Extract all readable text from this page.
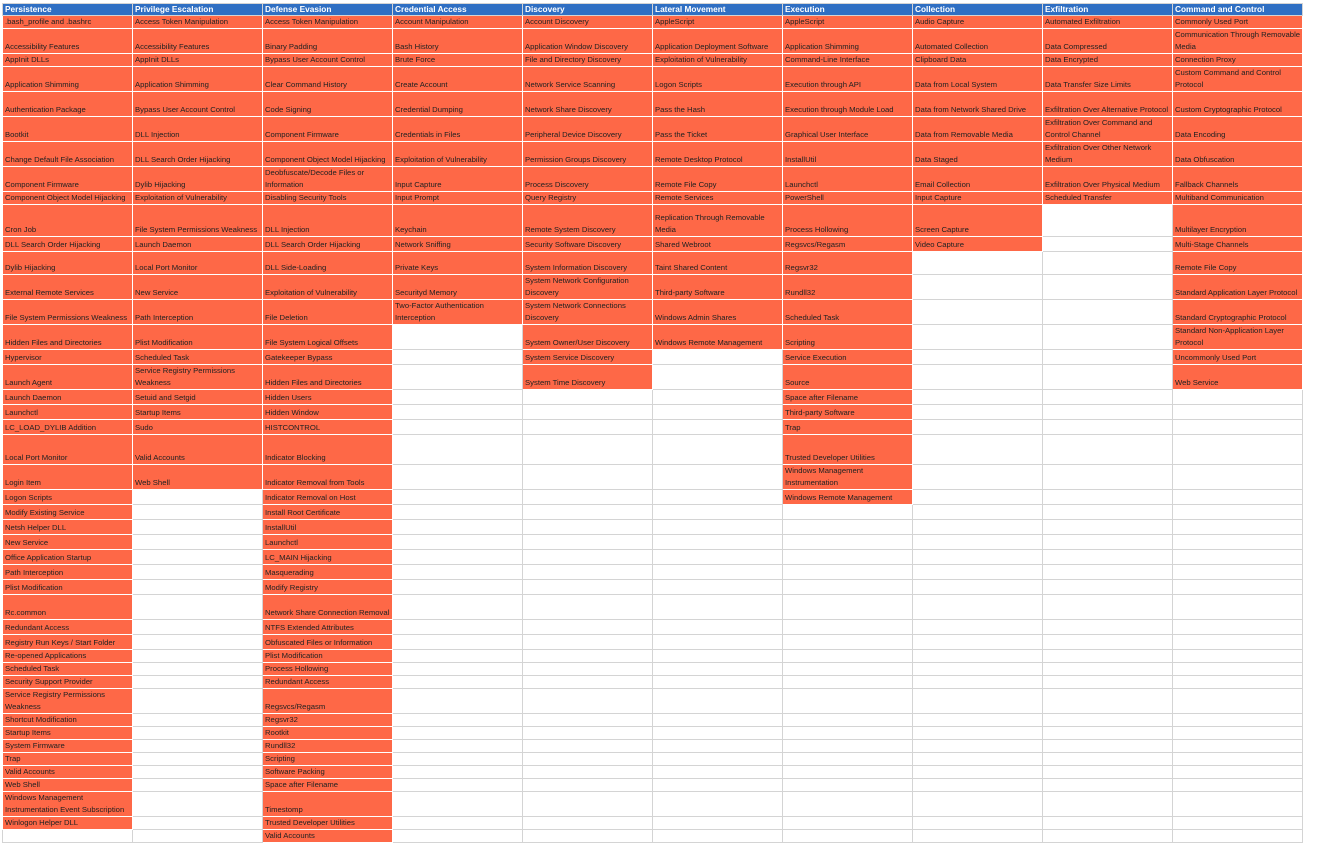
Persistence	Privilege Escalation	Defense Evasion	Credential Access	Discovery	Lateral Movement	Execution	Collection	Exfiltration	Command and Control

.bash_profile and .bashrc	Access Token Manipulation	Access Token Manipulation	Account Manipulation	Account Discovery	AppleScript	AppleScript	Audio Capture	Automated Exfiltration	Commonly Used Port

Accessibility Features	Accessibility Features	Binary Padding	Bash History	Application Window Discovery	Application Deployment Software	Application Shimming	Automated Collection	Data Compressed	Communication Through Removable Media

AppInit DLLs	AppInit DLLs	Bypass User Account Control	Brute Force	File and Directory Discovery	Exploitation of Vulnerability	Command-Line Interface	Clipboard Data	Data Encrypted	Connection Proxy

Application Shimming	Application Shimming	Clear Command History	Create Account	Network Service Scanning	Logon Scripts	Execution through API	Data from Local System	Data Transfer Size Limits	Custom Command and Control Protocol

Authentication Package	Bypass User Account Control	Code Signing	Credential Dumping	Network Share Discovery	Pass the Hash	Execution through Module Load	Data from Network Shared Drive	Exfiltration Over Alternative Protocol	Custom Cryptographic Protocol

Bootkit	DLL Injection	Component Firmware	Credentials in Files	Peripheral Device Discovery	Pass the Ticket	Graphical User Interface	Data from Removable Media	Exfiltration Over Command and Control Channel	Data Encoding

Change Default File Association	DLL Search Order Hijacking	Component Object Model Hijacking	Exploitation of Vulnerability	Permission Groups Discovery	Remote Desktop Protocol	InstallUtil	Data Staged	Exfiltration Over Other Network Medium	Data Obfuscation

Component Firmware	Dylib Hijacking	Deobfuscate/Decode Files or Information	Input Capture	Process Discovery	Remote File Copy	Launchctl	Email Collection	Exfiltration Over Physical Medium	Fallback Channels

Component Object Model Hijacking	Exploitation of Vulnerability	Disabling Security Tools	Input Prompt	Query Registry	Remote Services	PowerShell	Input Capture	Scheduled Transfer	Multiband Communication

Cron Job	File System Permissions Weakness	DLL Injection	Keychain	Remote System Discovery	Replication Through Removable Media	Process Hollowing	Screen Capture		Multilayer Encryption

DLL Search Order Hijacking	Launch Daemon	DLL Search Order Hijacking	Network Sniffing	Security Software Discovery	Shared Webroot	Regsvcs/Regasm	Video Capture		Multi-Stage Channels

Dylib Hijacking	Local Port Monitor	DLL Side-Loading	Private Keys	System Information Discovery	Taint Shared Content	Regsvr32			Remote File Copy

External Remote Services	New Service	Exploitation of Vulnerability	Securityd Memory	System Network Configuration Discovery	Third-party Software	Rundll32			Standard Application Layer Protocol

File System Permissions Weakness	Path Interception	File Deletion	Two-Factor Authentication Interception	System Network Connections Discovery	Windows Admin Shares	Scheduled Task			Standard Cryptographic Protocol

Hidden Files and Directories	Plist Modification	File System Logical Offsets		System Owner/User Discovery	Windows Remote Management	Scripting			Standard Non-Application Layer Protocol

Hypervisor	Scheduled Task	Gatekeeper Bypass		System Service Discovery		Service Execution			Uncommonly Used Port

Launch Agent	Service Registry Permissions Weakness	Hidden Files and Directories		System Time Discovery		Source			Web Service

Launch Daemon	Setuid and Setgid	Hidden Users				Space after Filename			

Launchctl	Startup Items	Hidden Window				Third-party Software			

LC_LOAD_DYLIB Addition	Sudo	HISTCONTROL				Trap			

Local Port Monitor	Valid Accounts	Indicator Blocking				Trusted Developer Utilities			

Login Item	Web Shell	Indicator Removal from Tools				Windows Management Instrumentation			

Logon Scripts		Indicator Removal on Host				Windows Remote Management			

Modify Existing Service		Install Root Certificate							

Netsh Helper DLL		InstallUtil							

New Service		Launchctl							

Office Application Startup		LC_MAIN Hijacking							

Path Interception		Masquerading							

Plist Modification		Modify Registry							

Rc.common		Network Share Connection Removal							

Redundant Access		NTFS Extended Attributes							

Registry Run Keys / Start Folder		Obfuscated Files or Information							

Re-opened Applications		Plist Modification							

Scheduled Task		Process Hollowing							

Security Support Provider		Redundant Access							

Service Registry Permissions Weakness		Regsvcs/Regasm							

Shortcut Modification		Regsvr32							

Startup Items		Rootkit							

System Firmware		Rundll32							

Trap		Scripting							

Valid Accounts		Software Packing							

Web Shell		Space after Filename							

Windows Management Instrumentation Event Subscription		Timestomp							

Winlogon Helper DLL		Trusted Developer Utilities							

		Valid Accounts							
